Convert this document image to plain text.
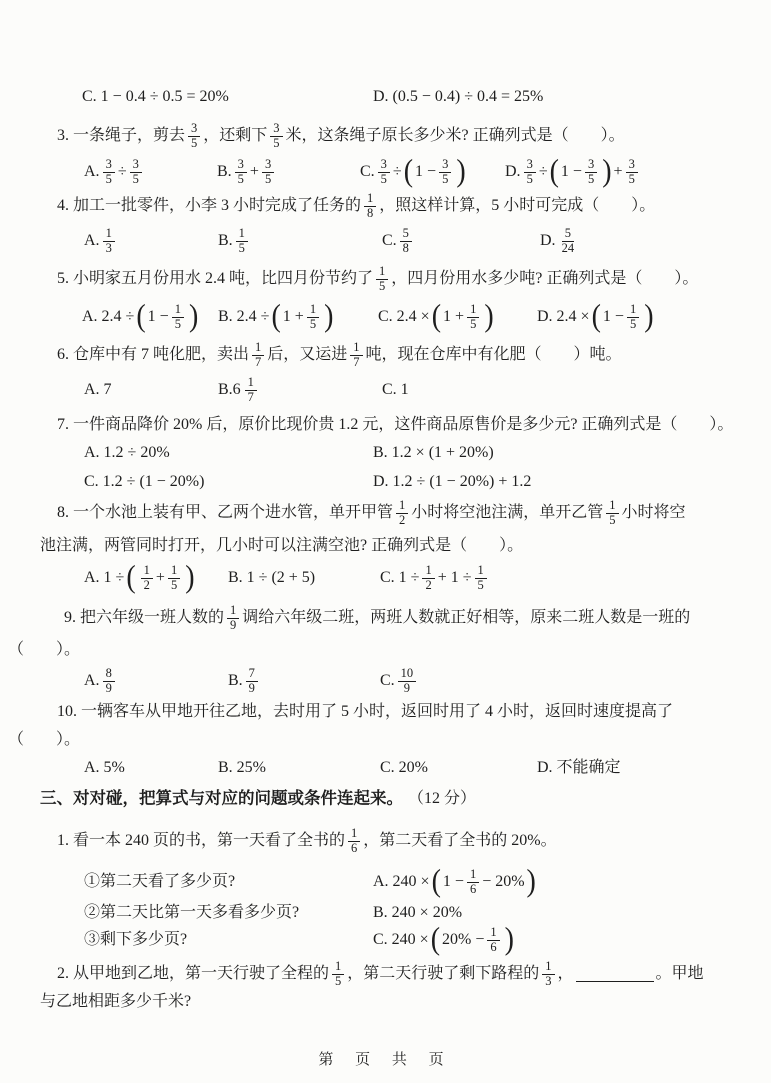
C. 1 − 0.4 ÷ 0.5 = 20%	D. (0.5 − 0.4) ÷ 0.4 = 25%
3. 一条绳子，剪去 $\frac{3}{5}$ ，还剩下 $\frac{3}{5}$ 米，这条绳子原长多少米? 正确列式是（　　）。
A. $\frac{3}{5} \div \frac{3}{5}$	B. $\frac{3}{5} + \frac{3}{5}$	C. $\frac{3}{5}$ ÷ ( $1 - \frac{3}{5}$ ) D. $\frac{3}{5}$ ÷ ( $1 - \frac{3}{5}$ ) + $\frac{3}{5}$
4. 加工一批零件，小李 3 小时完成了任务的 $\frac{1}{8}$ ，照这样计算，5 小时可完成（　　）。
A. $\frac{1}{3}$	B. $\frac{1}{5}$	C. $\frac{5}{8}$	D. $\frac{5}{24}$
5. 小明家五月份用水 2.4 吨，比四月份节约了 $\frac{1}{5}$ ，四月份用水多少吨? 正确列式是（　　）。
A. 2.4 ÷ ( $1 - \frac{1}{5}$ ) B. 2.4 ÷ ( $1 + \frac{1}{5}$ )	C. 2.4 × ( $1 + \frac{1}{5}$ )	D. 2.4 × ( $1 - \frac{1}{5}$ )
6. 仓库中有 7 吨化肥，卖出 $\frac{1}{7}$ 后，又运进 $\frac{1}{7}$ 吨，现在仓库中有化肥（　　）吨。
A. 7	B. $6 \frac{1}{7}$	C. 1
7. 一件商品降价 20% 后，原价比现价贵 1.2 元，这件商品原售价是多少元? 正确列式是（　　）。
A. 1.2 ÷ 20%	B. 1.2 × (1 + 20%)
C. 1.2 ÷ (1 − 20%)	D. 1.2 ÷ (1 − 20%) + 1.2
8. 一个水池上装有甲、乙两个进水管，单开甲管 $\frac{1}{2}$ 小时将空池注满，单开乙管 $\frac{1}{5}$ 小时将空
池注满，两管同时打开，几小时可以注满空池? 正确列式是（　　）。
A. 1 ÷ ( $\frac{1}{2} + \frac{1}{5}$ ) B. 1 ÷ (2 + 5)	C. $1 \div \frac{1}{2} + 1 \div \frac{1}{5}$
9. 把六年级一班人数的 $\frac{1}{9}$ 调给六年级二班，两班人数就正好相等，原来二班人数是一班的
（　　）。
A. $\frac{8}{9}$	B. $\frac{7}{9}$	C. $\frac{10}{9}$
10. 一辆客车从甲地开往乙地，去时用了 5 小时，返回时用了 4 小时，返回时速度提高了
（　　）。
A. 5%	B. 25%	C. 20%	D. 不能确定
三、对对碰，把算式与对应的问题或条件连起来。 （12 分）
1. 看一本 240 页的书，第一天看了全书的 $\frac{1}{6}$ ，第二天看了全书的 20%。
①第二天看了多少页?	A. 240 × ( $1 - \frac{1}{6} - 20\%$ )
②第二天比第一天多看多少页?	B. 240 × 20%
③剩下多少页?	C. 240 × ( $20\% - \frac{1}{6}$ )
2. 从甲地到乙地，第一天行驶了全程的 $\frac{1}{5}$ ，第二天行驶了剩下路程的 $\frac{1}{3}$ ，	。甲地
与乙地相距多少千米?
第 页 共 页
